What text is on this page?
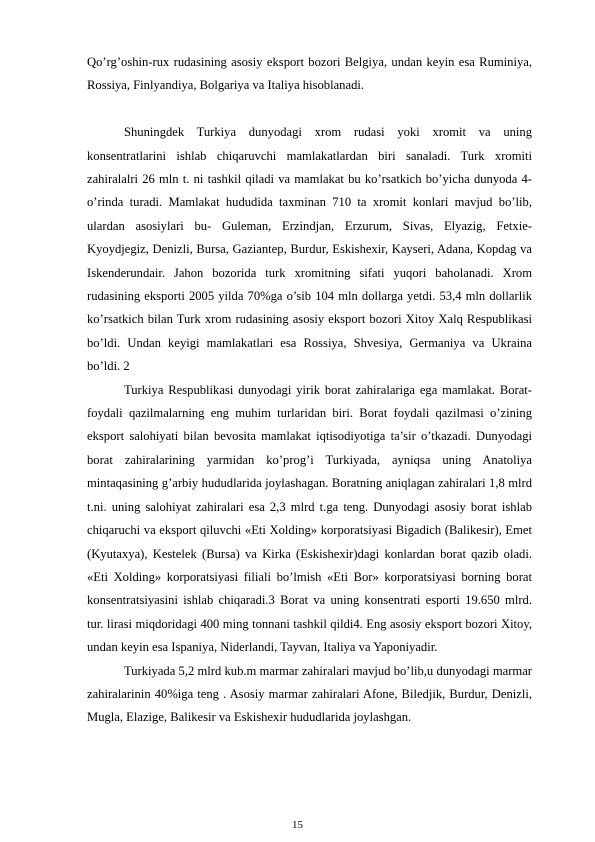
Qo’rg’oshin-rux rudasining asosiy eksport bozori Belgiya, undan keyin esa Ruminiya, Rossiya, Finlyandiya, Bolgariya va Italiya hisoblanadi.

Shuningdek Turkiya dunyodagi xrom rudasi yoki xromit va uning konsentratlarini ishlab chiqaruvchi mamlakatlardan biri sanaladi. Turk xromiti zahiralalri 26 mln t. ni tashkil qiladi va mamlakat bu ko’rsatkich bo’yicha dunyoda 4-o’rinda turadi. Mamlakat hududida taxminan 710 ta xromit konlari mavjud bo’lib, ulardan asosiylari bu- Guleman, Erzindjan, Erzurum, Sivas, Elyazig, Fetxie-Kyoydjegiz, Denizli, Bursa, Gaziantep, Burdur, Eskishexir, Kayseri, Adana, Kopdag va Iskenderundair. Jahon bozorida turk xromitning sifati yuqori baholanadi. Xrom rudasining eksporti 2005 yilda 70%ga o’sib 104 mln dollarga yetdi. 53,4 mln dollarlik ko’rsatkich bilan Turk xrom rudasining asosiy eksport bozori Xitoy Xalq Respublikasi bo’ldi. Undan keyigi mamlakatlari esa Rossiya, Shvesiya, Germaniya va Ukraina bo’ldi. 2

Turkiya Respublikasi dunyodagi yirik borat zahiralariga ega mamlakat. Borat-foydali qazilmalarning eng muhim turlaridan biri. Borat foydali qazilmasi o’zining eksport salohiyati bilan bevosita mamlakat iqtisodiyotiga ta’sir o’tkazadi. Dunyodagi borat zahiralarining yarmidan ko’prog’i Turkiyada, ayniqsa uning Anatoliya mintaqasining g’arbiy hududlarida joylashagan. Boratning aniqlagan zahiralari 1,8 mlrd t.ni. uning salohiyat zahiralari esa 2,3 mlrd t.ga teng. Dunyodagi asosiy borat ishlab chiqaruchi va eksport qiluvchi «Eti Xolding» korporatsiyasi Bigadich (Balikesir), Emet (Kyutaxya), Kestelek (Bursa) va Kirka (Eskishexir)dagi konlardan borat qazib oladi. «Eti Xolding» korporatsiyasi filiali bo’lmish «Eti Bor» korporatsiyasi borning borat konsentratsiyasini ishlab chiqaradi.3 Borat va uning konsentrati esporti 19.650 mlrd. tur. lirasi miqdoridagi 400 ming tonnani tashkil qildi4. Eng asosiy eksport bozori Xitoy, undan keyin esa Ispaniya, Niderlandi, Tayvan, Italiya va Yaponiyadir.

Turkiyada 5,2 mlrd kub.m marmar zahiralari mavjud bo’lib,u dunyodagi marmar zahiralarinin 40%iga teng . Asosiy marmar zahiralari Afone, Biledjik, Burdur, Denizli, Mugla, Elazige, Balikesir va Eskishexir hududlarida joylashgan.

15
